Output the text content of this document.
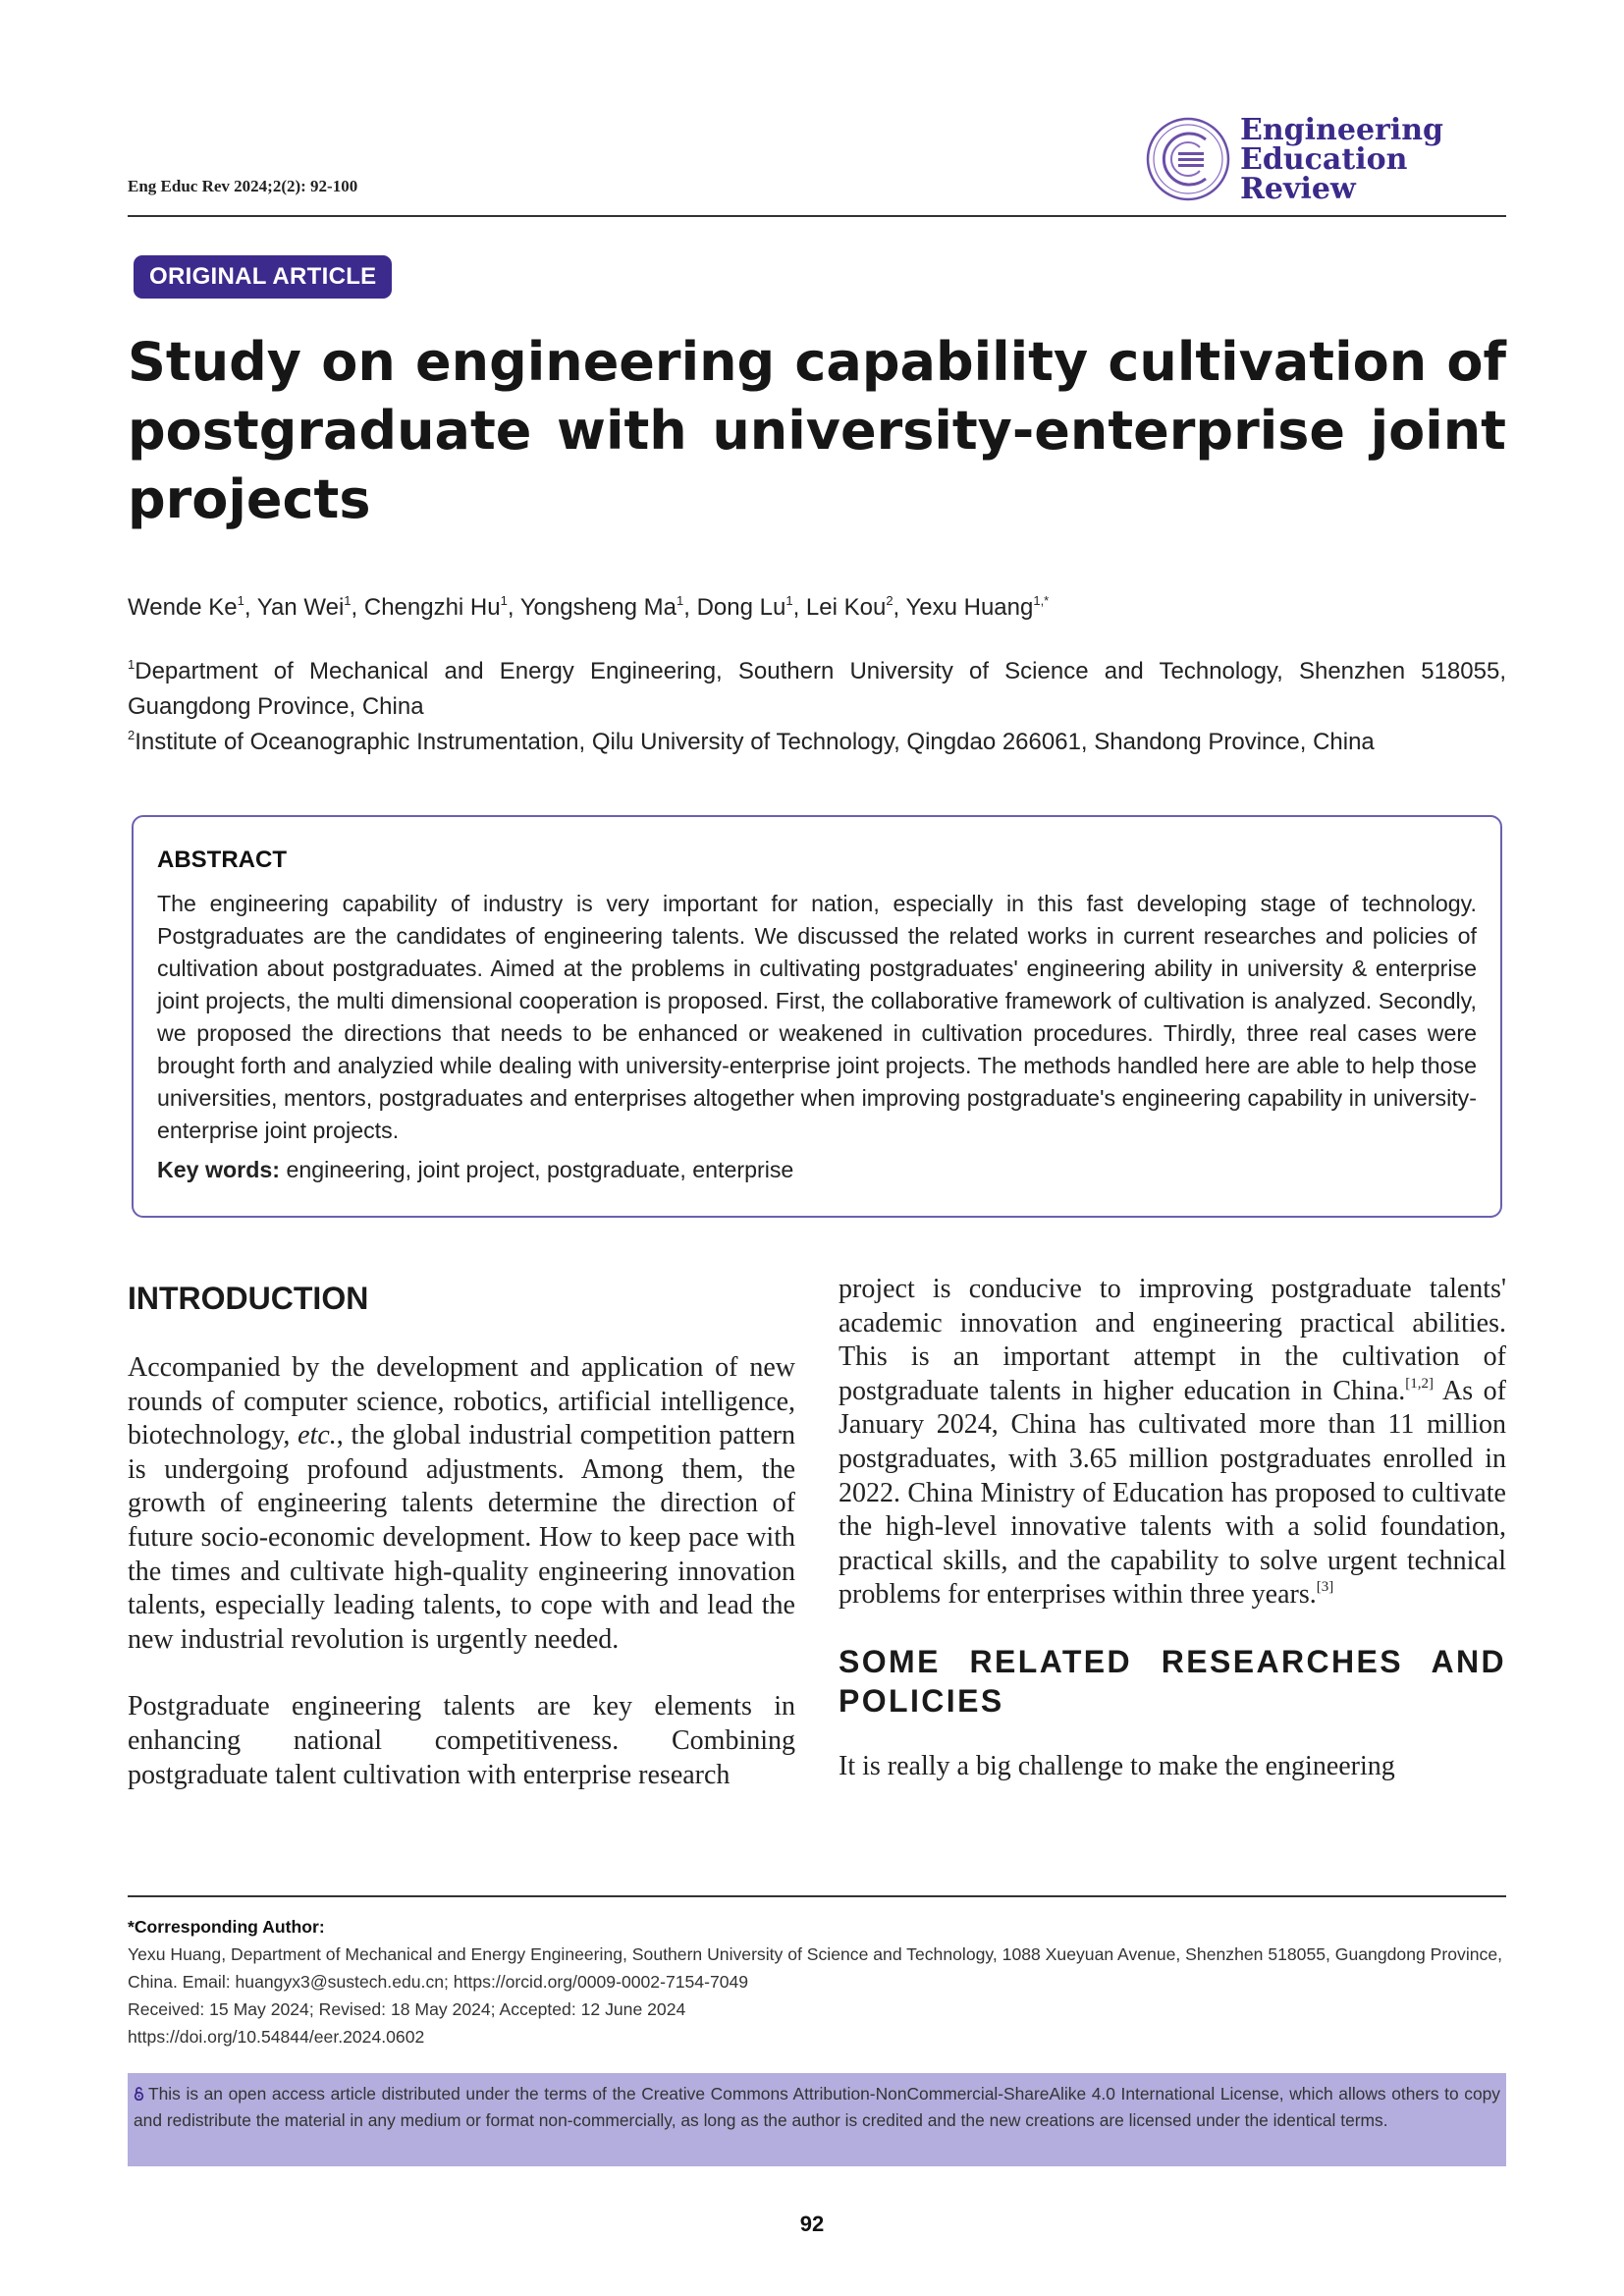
Eng Educ Rev 2024;2(2): 92-100
Engineering
Education
Review
ORIGINAL ARTICLE
Study on engineering capability cultivation of postgraduate with university-enterprise joint projects
Wende Ke$^1$, Yan Wei$^1$, Chengzhi Hu$^1$, Yongsheng Ma$^1$, Dong Lu$^1$, Lei Kou$^2$, Yexu Huang$^{1,*}$
$^1$Department of Mechanical and Energy Engineering, Southern University of Science and Technology, Shenzhen 518055, Guangdong Province, China
$^2$Institute of Oceanographic Instrumentation, Qilu University of Technology, Qingdao 266061, Shandong Province, China
ABSTRACT

The engineering capability of industry is very important for nation, especially in this fast developing stage of technology. Postgraduates are the candidates of engineering talents. We discussed the related works in current researches and policies of cultivation about postgraduates. Aimed at the problems in cultivating postgraduates' engineering ability in university & enterprise joint projects, the multi dimensional cooperation is proposed. First, the collaborative framework of cultivation is analyzed. Secondly, we proposed the directions that needs to be enhanced or weakened in cultivation procedures. Thirdly, three real cases were brought forth and analyzied while dealing with university-enterprise joint projects. The methods handled here are able to help those universities, mentors, postgraduates and enterprises altogether when improving postgraduate's engineering capability in university-enterprise joint projects.

Key words: engineering, joint project, postgraduate, enterprise
INTRODUCTION

Accompanied by the development and application of new rounds of computer science, robotics, artificial intelligence, biotechnology, etc., the global industrial competition pattern is undergoing profound adjustments. Among them, the growth of engineering talents determine the direction of future socio-economic development. How to keep pace with the times and cultivate high-quality engineering innovation talents, especially leading talents, to cope with and lead the new industrial revolution is urgently needed.

Postgraduate engineering talents are key elements in enhancing national competitiveness. Combining postgraduate talent cultivation with enterprise research

project is conducive to improving postgraduate talents' academic innovation and engineering practical abilities. This is an important attempt in the cultivation of postgraduate talents in higher education in China.[1,2] As of January 2024, China has cultivated more than 11 million postgraduates, with 3.65 million postgraduates enrolled in 2022. China Ministry of Education has proposed to cultivate the high-level innovative talents with a solid foundation, practical skills, and the capability to solve urgent technical problems for enterprises within three years.[3]

SOME RELATED RESEARCHES AND POLICIES

It is really a big challenge to make the engineering

*Corresponding Author:
Yexu Huang, Department of Mechanical and Energy Engineering, Southern University of Science and Technology, 1088 Xueyuan Avenue, Shenzhen 518055, Guangdong Province, China. Email: huangyx3@sustech.edu.cn; https://orcid.org/0009-0002-7154-7049
Received: 15 May 2024; Revised: 18 May 2024; Accepted: 12 June 2024
https://doi.org/10.54844/eer.2024.0602
This is an open access article distributed under the terms of the Creative Commons Attribution-NonCommercial-ShareAlike 4.0 International License, which allows others to copy and redistribute the material in any medium or format non-commercially, as long as the author is credited and the new creations are licensed under the identical terms.
92
